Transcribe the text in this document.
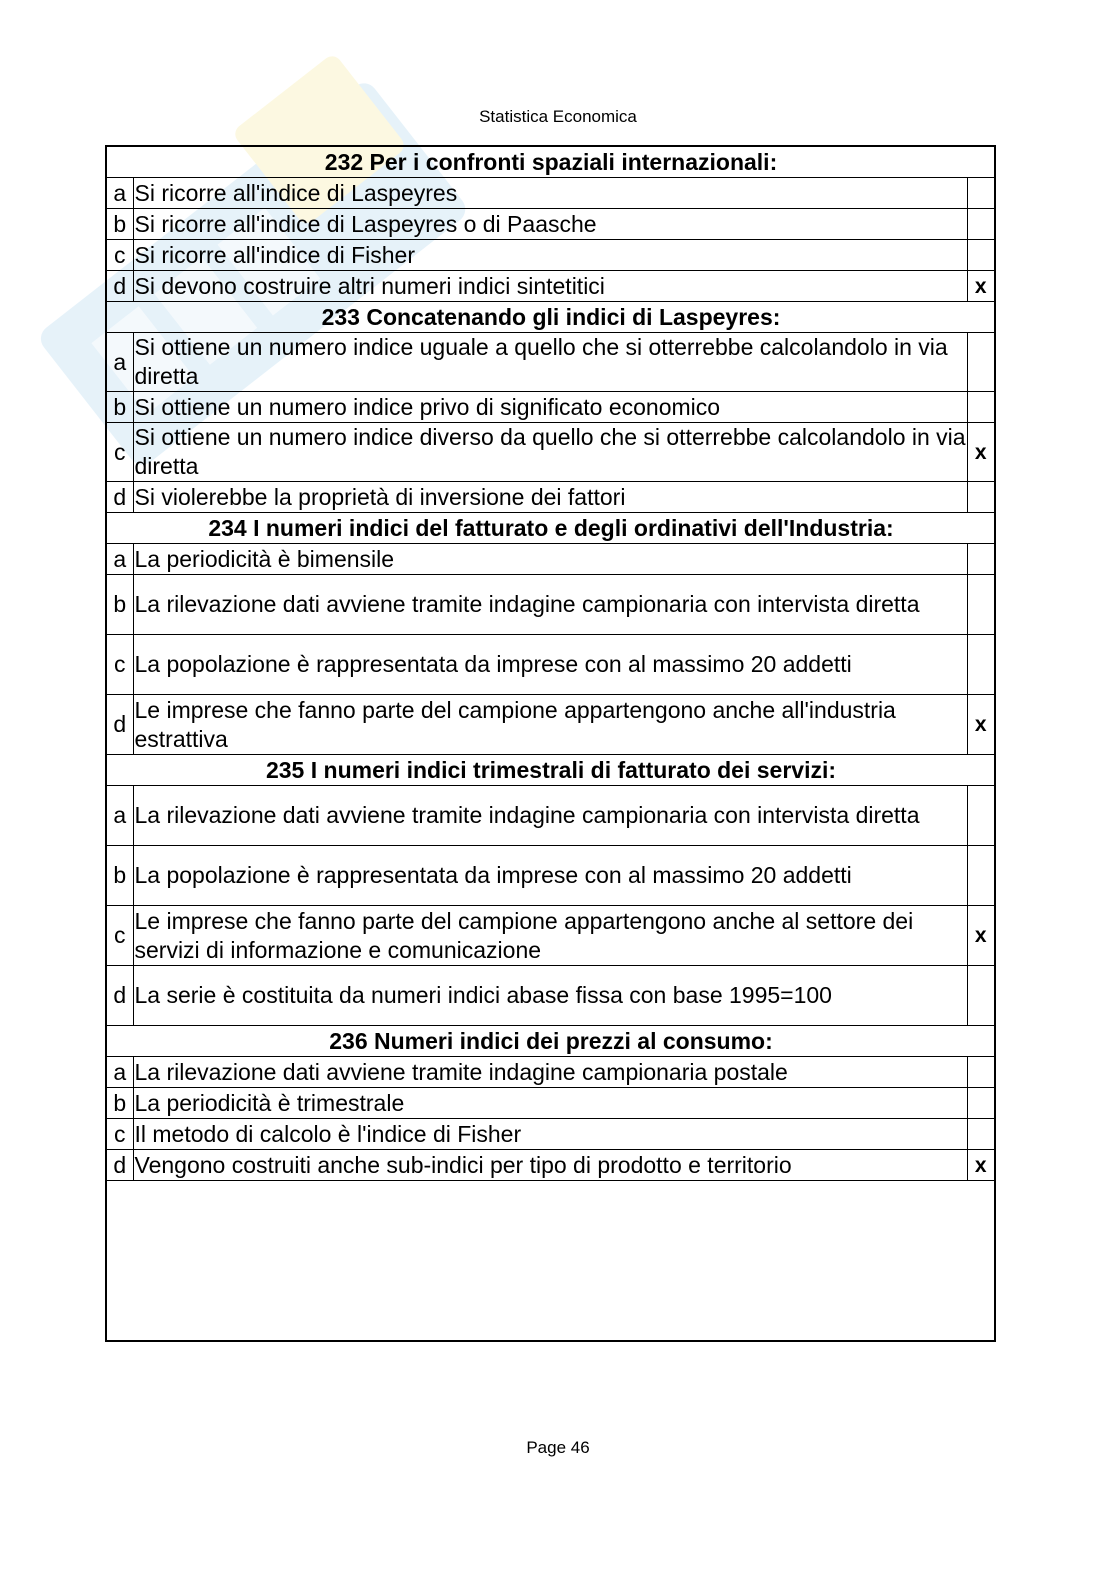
Statistica Economica
232 Per i confronti spaziali internazionali:		
a	Si ricorre all'indice di Laspeyres	
b	Si ricorre all'indice di Laspeyres o di Paasche	
c	Si ricorre all'indice di Fisher	
d	Si devono costruire altri numeri indici sintetitici	x
233 Concatenando gli indici di Laspeyres:		
a	Si ottiene un numero indice uguale a quello che si otterrebbe calcolandolo in via diretta	
b	Si ottiene un numero indice privo di significato economico	
c	Si ottiene un numero indice diverso da quello che si otterrebbe calcolandolo in via diretta	x
d	Si violerebbe la proprietà di inversione dei fattori	
234 I numeri indici del fatturato e degli ordinativi dell'Industria:		
a	La periodicità è bimensile	
b	La rilevazione dati avviene tramite indagine campionaria con intervista diretta	
c	La popolazione è rappresentata da imprese con al massimo 20 addetti	
d	Le imprese che fanno parte del campione appartengono anche all'industria estrattiva	x
235 I numeri indici trimestrali di fatturato dei servizi:		
a	La rilevazione dati avviene tramite indagine campionaria con intervista diretta	
b	La popolazione è rappresentata da imprese con al massimo 20 addetti	
c	Le imprese che fanno parte del campione appartengono anche al settore dei servizi di informazione e comunicazione	x
d	La serie è costituita da numeri indici abase fissa con base 1995=100	
236 Numeri indici dei prezzi al consumo:		
a	La rilevazione dati avviene tramite indagine campionaria postale	
b	La periodicità è trimestrale	
c	Il metodo di calcolo è l'indice di Fisher	
d	Vengono costruiti anche sub-indici per tipo di prodotto e territorio	x

Page 46
